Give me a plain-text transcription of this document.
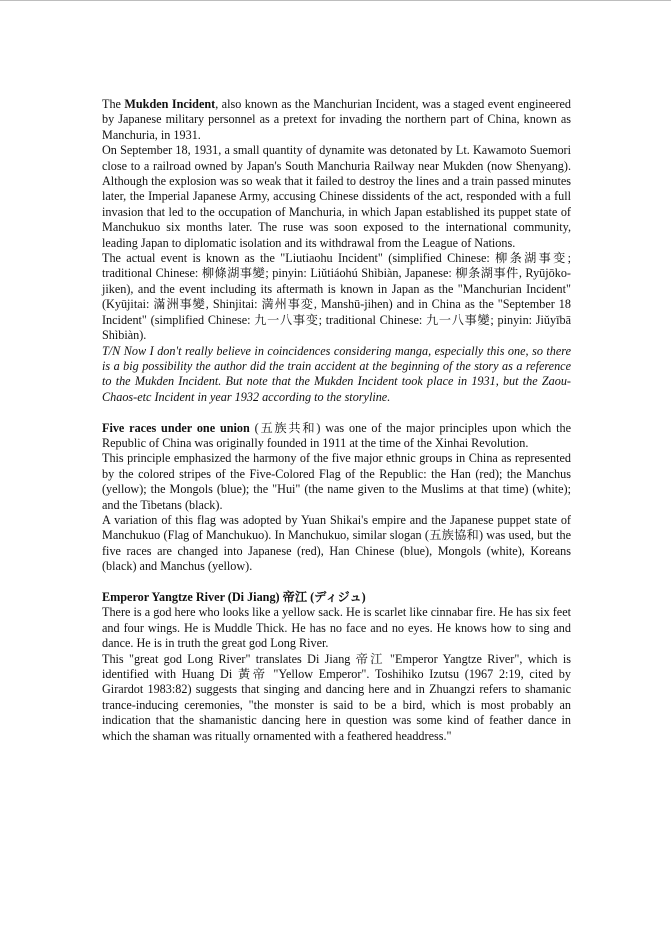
The Mukden Incident, also known as the Manchurian Incident, was a staged event engineered by Japanese military personnel as a pretext for invading the northern part of China, known as Manchuria, in 1931.

On September 18, 1931, a small quantity of dynamite was detonated by Lt. Kawamoto Suemori close to a railroad owned by Japan's South Manchuria Railway near Mukden (now Shenyang). Although the explosion was so weak that it failed to destroy the lines and a train passed minutes later, the Imperial Japanese Army, accusing Chinese dissidents of the act, responded with a full invasion that led to the occupation of Manchuria, in which Japan established its puppet state of Manchukuo six months later. The ruse was soon exposed to the international community, leading Japan to diplomatic isolation and its withdrawal from the League of Nations.

The actual event is known as the "Liutiaohu Incident" (simplified Chinese: 柳条湖事变; traditional Chinese: 柳條湖事變; pinyin: Liǔtiáohú Shìbiàn, Japanese: 柳条湖事件, Ryūjōko-jiken), and the event including its aftermath is known in Japan as the "Manchurian Incident" (Kyūjitai: 滿洲事變, Shinjitai: 満州事変, Manshū-jihen) and in China as the "September 18 Incident" (simplified Chinese: 九一八事变; traditional Chinese: 九一八事變; pinyin: Jiǔyībā Shìbiàn).

T/N Now I don't really believe in coincidences considering manga, especially this one, so there is a big possibility the author did the train accident at the beginning of the story as a reference to the Mukden Incident. But note that the Mukden Incident took place in 1931, but the Zaou-Chaos-etc Incident in year 1932 according to the storyline.

Five races under one union (五族共和) was one of the major principles upon which the Republic of China was originally founded in 1911 at the time of the Xinhai Revolution.

This principle emphasized the harmony of the five major ethnic groups in China as represented by the colored stripes of the Five-Colored Flag of the Republic: the Han (red); the Manchus (yellow); the Mongols (blue); the "Hui" (the name given to the Muslims at that time) (white); and the Tibetans (black).

A variation of this flag was adopted by Yuan Shikai's empire and the Japanese puppet state of Manchukuo (Flag of Manchukuo). In Manchukuo, similar slogan (五族協和) was used, but the five races are changed into Japanese (red), Han Chinese (blue), Mongols (white), Koreans (black) and Manchus (yellow).

Emperor Yangtze River (Di Jiang) 帝江 (ディジュ)

There is a god here who looks like a yellow sack. He is scarlet like cinnabar fire. He has six feet and four wings. He is Muddle Thick. He has no face and no eyes. He knows how to sing and dance. He is in truth the great god Long River.

This "great god Long River" translates Di Jiang 帝江 "Emperor Yangtze River", which is identified with Huang Di 黃帝 "Yellow Emperor". Toshihiko Izutsu (1967 2:19, cited by Girardot 1983:82) suggests that singing and dancing here and in Zhuangzi refers to shamanic trance-inducing ceremonies, "the monster is said to be a bird, which is most probably an indication that the shamanistic dancing here in question was some kind of feather dance in which the shaman was ritually ornamented with a feathered headdress."
